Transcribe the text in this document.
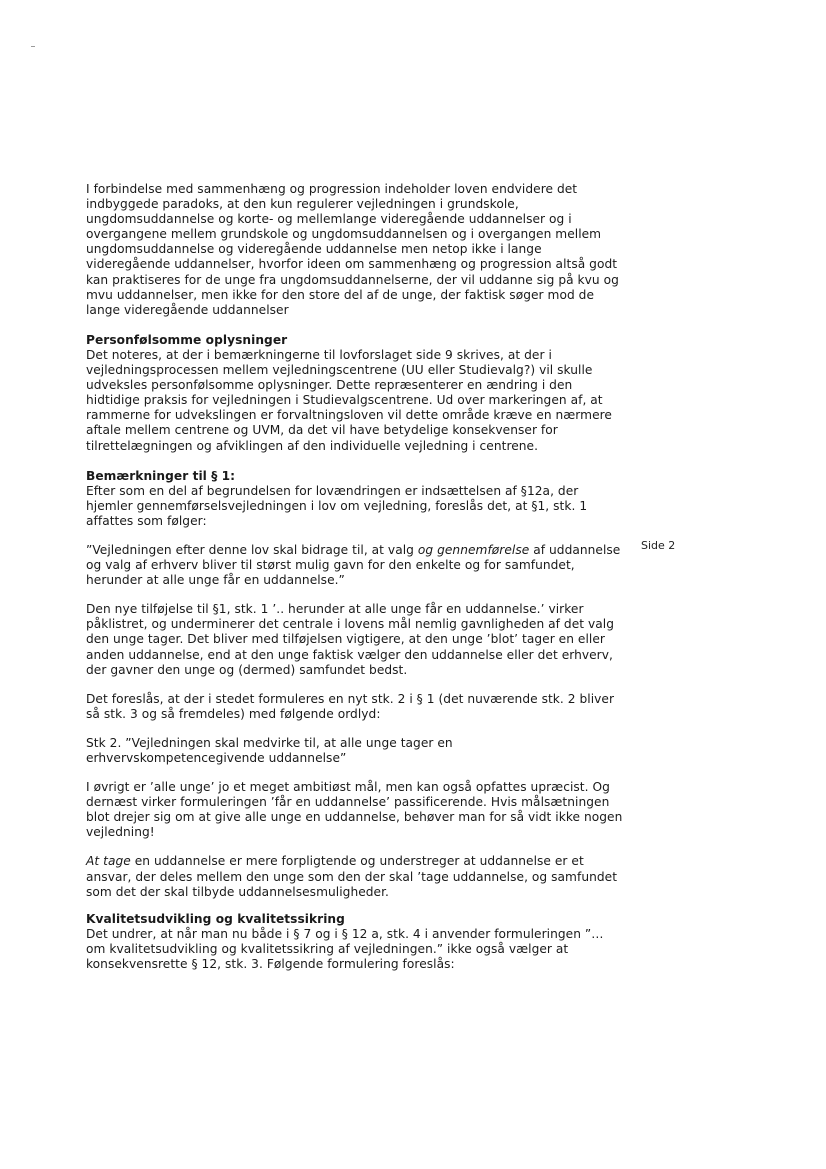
I forbindelse med sammenhæng og progression indeholder loven endvidere det indbyggede paradoks, at den kun regulerer vejledningen i grundskole, ungdomsuddannelse og korte- og mellemlange videregående uddannelser og i overgangene mellem grundskole og ungdomsuddannelsen og i overgangen mellem ungdomsuddannelse og videregående uddannelse men netop ikke i lange videregående uddannelser, hvorfor ideen om sammenhæng og progression altså godt kan praktiseres for de unge fra ungdomsuddannelserne, der vil uddanne sig på kvu og mvu uddannelser, men ikke for den store del af de unge, der faktisk søger mod de lange videregående uddannelser

Personfølsomme oplysninger

Det noteres, at der i bemærkningerne til lovforslaget side 9 skrives, at der i vejledningsprocessen mellem vejledningscentrene (UU eller Studievalg?) vil skulle udveksles personfølsomme oplysninger. Dette repræsenterer en ændring i den hidtidige praksis for vejledningen i Studievalgscentrene. Ud over markeringen af, at rammerne for udvekslingen er forvaltningsloven vil dette område kræve en nærmere aftale mellem centrene og UVM, da det vil have betydelige konsekvenser for tilrettelægningen og afviklingen af den individuelle vejledning i centrene.

Bemærkninger til § 1:

Efter som en del af begrundelsen for lovændringen er indsættelsen af §12a, der hjemler gennemførselsvejledningen i lov om vejledning, foreslås det, at §1, stk. 1 affattes som følger:

”Vejledningen efter denne lov skal bidrage til, at valg og gennemførelse af uddannelse og valg af erhverv bliver til størst mulig gavn for den enkelte og for samfundet, herunder at alle unge får en uddannelse.”

Den nye tilføjelse til §1, stk. 1 ’.. herunder at alle unge får en uddannelse.’ virker påklistret, og underminerer det centrale i lovens mål nemlig gavnligheden af det valg den unge tager. Det bliver med tilføjelsen vigtigere, at den unge ’blot’ tager en eller anden uddannelse, end at den unge faktisk vælger den uddannelse eller det erhverv, der gavner den unge og (dermed) samfundet bedst.

Det foreslås, at der i stedet formuleres en nyt stk. 2 i § 1 (det nuværende stk. 2 bliver så stk. 3 og så fremdeles) med følgende ordlyd:

Stk 2. ”Vejledningen skal medvirke til, at alle unge tager en erhvervskompetencegivende uddannelse”

I øvrigt er ’alle unge’ jo et meget ambitiøst mål, men kan også opfattes upræcist. Og dernæst virker formuleringen ’får en uddannelse’ passificerende. Hvis målsætningen blot drejer sig om at give alle unge en uddannelse, behøver man for så vidt ikke nogen vejledning!

At tage en uddannelse er mere forpligtende og understreger at uddannelse er et ansvar, der deles mellem den unge som den der skal ’tage uddannelse, og samfundet som det der skal tilbyde uddannelsesmuligheder.

Kvalitetsudvikling og kvalitetssikring

Det undrer, at når man nu både i § 7 og i § 12 a, stk. 4 i anvender formuleringen ”… om kvalitetsudvikling og kvalitetssikring af vejledningen.” ikke også vælger at konsekvensrette § 12, stk. 3. Følgende formulering foreslås:

Side 2
